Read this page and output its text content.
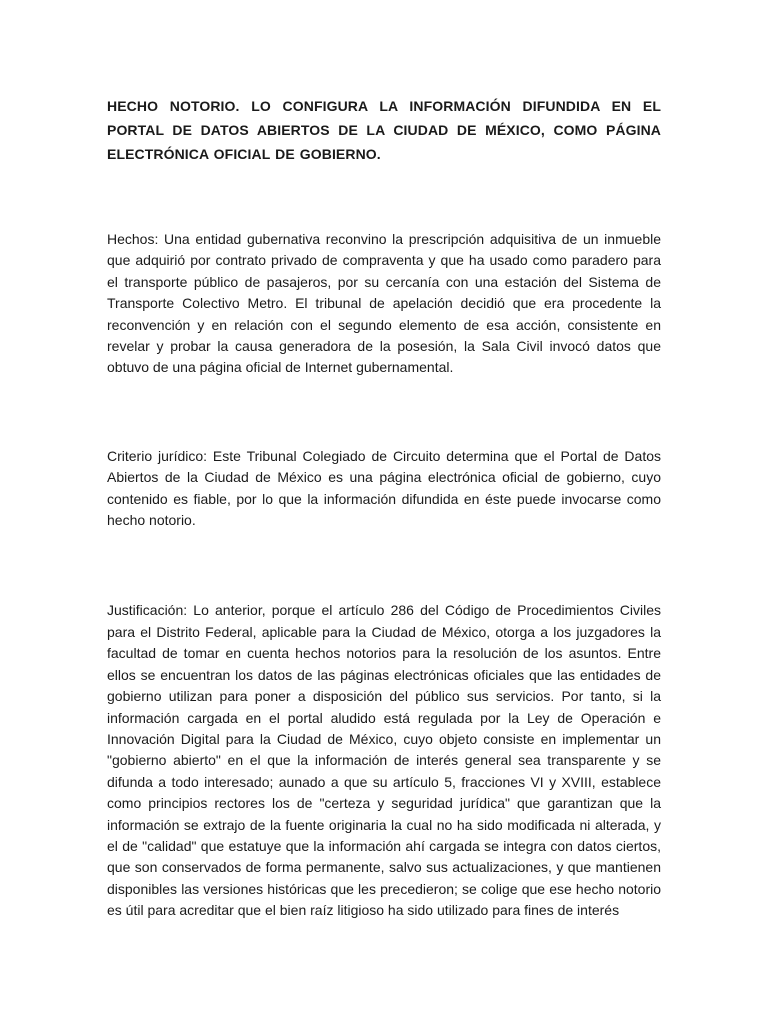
HECHO NOTORIO. LO CONFIGURA LA INFORMACIÓN DIFUNDIDA EN EL PORTAL DE DATOS ABIERTOS DE LA CIUDAD DE MÉXICO, COMO PÁGINA ELECTRÓNICA OFICIAL DE GOBIERNO.

Hechos: Una entidad gubernativa reconvino la prescripción adquisitiva de un inmueble que adquirió por contrato privado de compraventa y que ha usado como paradero para el transporte público de pasajeros, por su cercanía con una estación del Sistema de Transporte Colectivo Metro. El tribunal de apelación decidió que era procedente la reconvención y en relación con el segundo elemento de esa acción, consistente en revelar y probar la causa generadora de la posesión, la Sala Civil invocó datos que obtuvo de una página oficial de Internet gubernamental.

Criterio jurídico: Este Tribunal Colegiado de Circuito determina que el Portal de Datos Abiertos de la Ciudad de México es una página electrónica oficial de gobierno, cuyo contenido es fiable, por lo que la información difundida en éste puede invocarse como hecho notorio.

Justificación: Lo anterior, porque el artículo 286 del Código de Procedimientos Civiles para el Distrito Federal, aplicable para la Ciudad de México, otorga a los juzgadores la facultad de tomar en cuenta hechos notorios para la resolución de los asuntos. Entre ellos se encuentran los datos de las páginas electrónicas oficiales que las entidades de gobierno utilizan para poner a disposición del público sus servicios. Por tanto, si la información cargada en el portal aludido está regulada por la Ley de Operación e Innovación Digital para la Ciudad de México, cuyo objeto consiste en implementar un "gobierno abierto" en el que la información de interés general sea transparente y se difunda a todo interesado; aunado a que su artículo 5, fracciones VI y XVIII, establece como principios rectores los de "certeza y seguridad jurídica" que garantizan que la información se extrajo de la fuente originaria la cual no ha sido modificada ni alterada, y el de "calidad" que estatuye que la información ahí cargada se integra con datos ciertos, que son conservados de forma permanente, salvo sus actualizaciones, y que mantienen disponibles las versiones históricas que les precedieron; se colige que ese hecho notorio es útil para acreditar que el bien raíz litigioso ha sido utilizado para fines de interés
